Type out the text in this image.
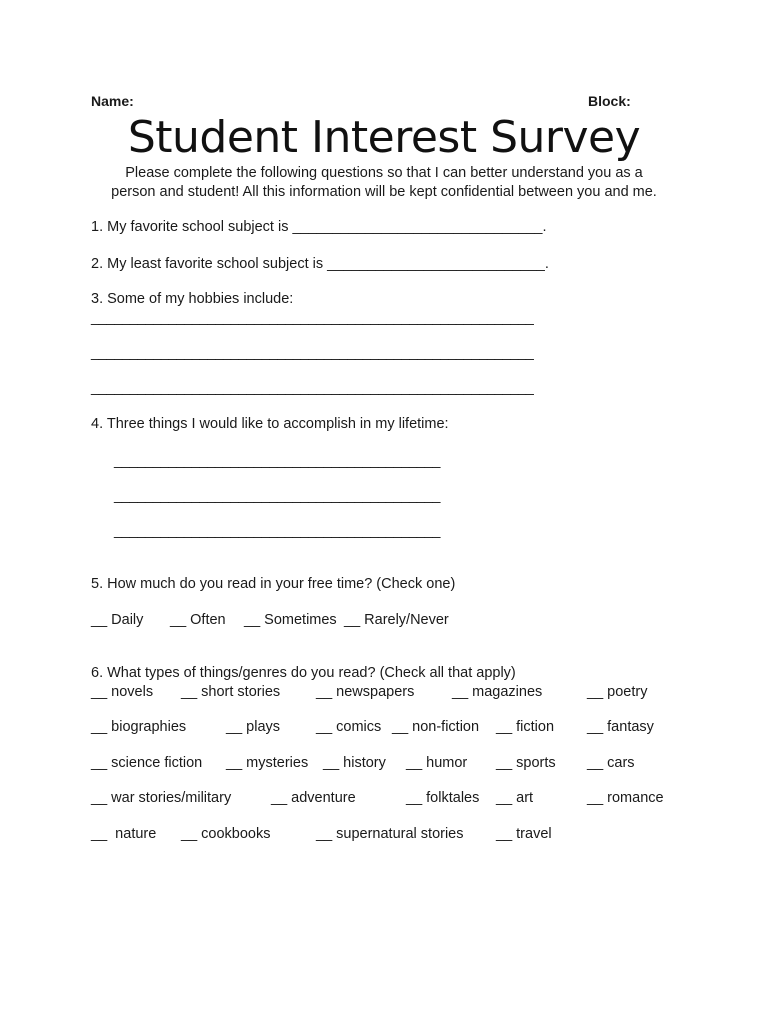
Name:	Block:
Student Interest Survey
Please complete the following questions so that I can better understand you as a
person and student! All this information will be kept confidential between you and me.
1. My favorite school subject is _______________________________.
2. My least favorite school subject is ___________________________.
3. Some of my hobbies include:
_________________________________________________________
_________________________________________________________
_________________________________________________________
4. Three things I would like to accomplish in my lifetime:
__________________________________________
__________________________________________
__________________________________________
5. How much do you read in your free time? (Check one)
__ Daily __ Often __ Sometimes __ Rarely/Never
6. What types of things/genres do you read? (Check all that apply)
__ novels __ short stories __ newspapers	__ magazines	__ poetry
__ biographies	__ plays __ comics __ non-fiction __ fiction __ fantasy
__ science fiction __ mysteries __ history __ humor __ sports __ cars
__ war stories/military	__ adventure	__ folktales __ art	__ romance
__  nature __ cookbooks	__ supernatural stories __ travel
